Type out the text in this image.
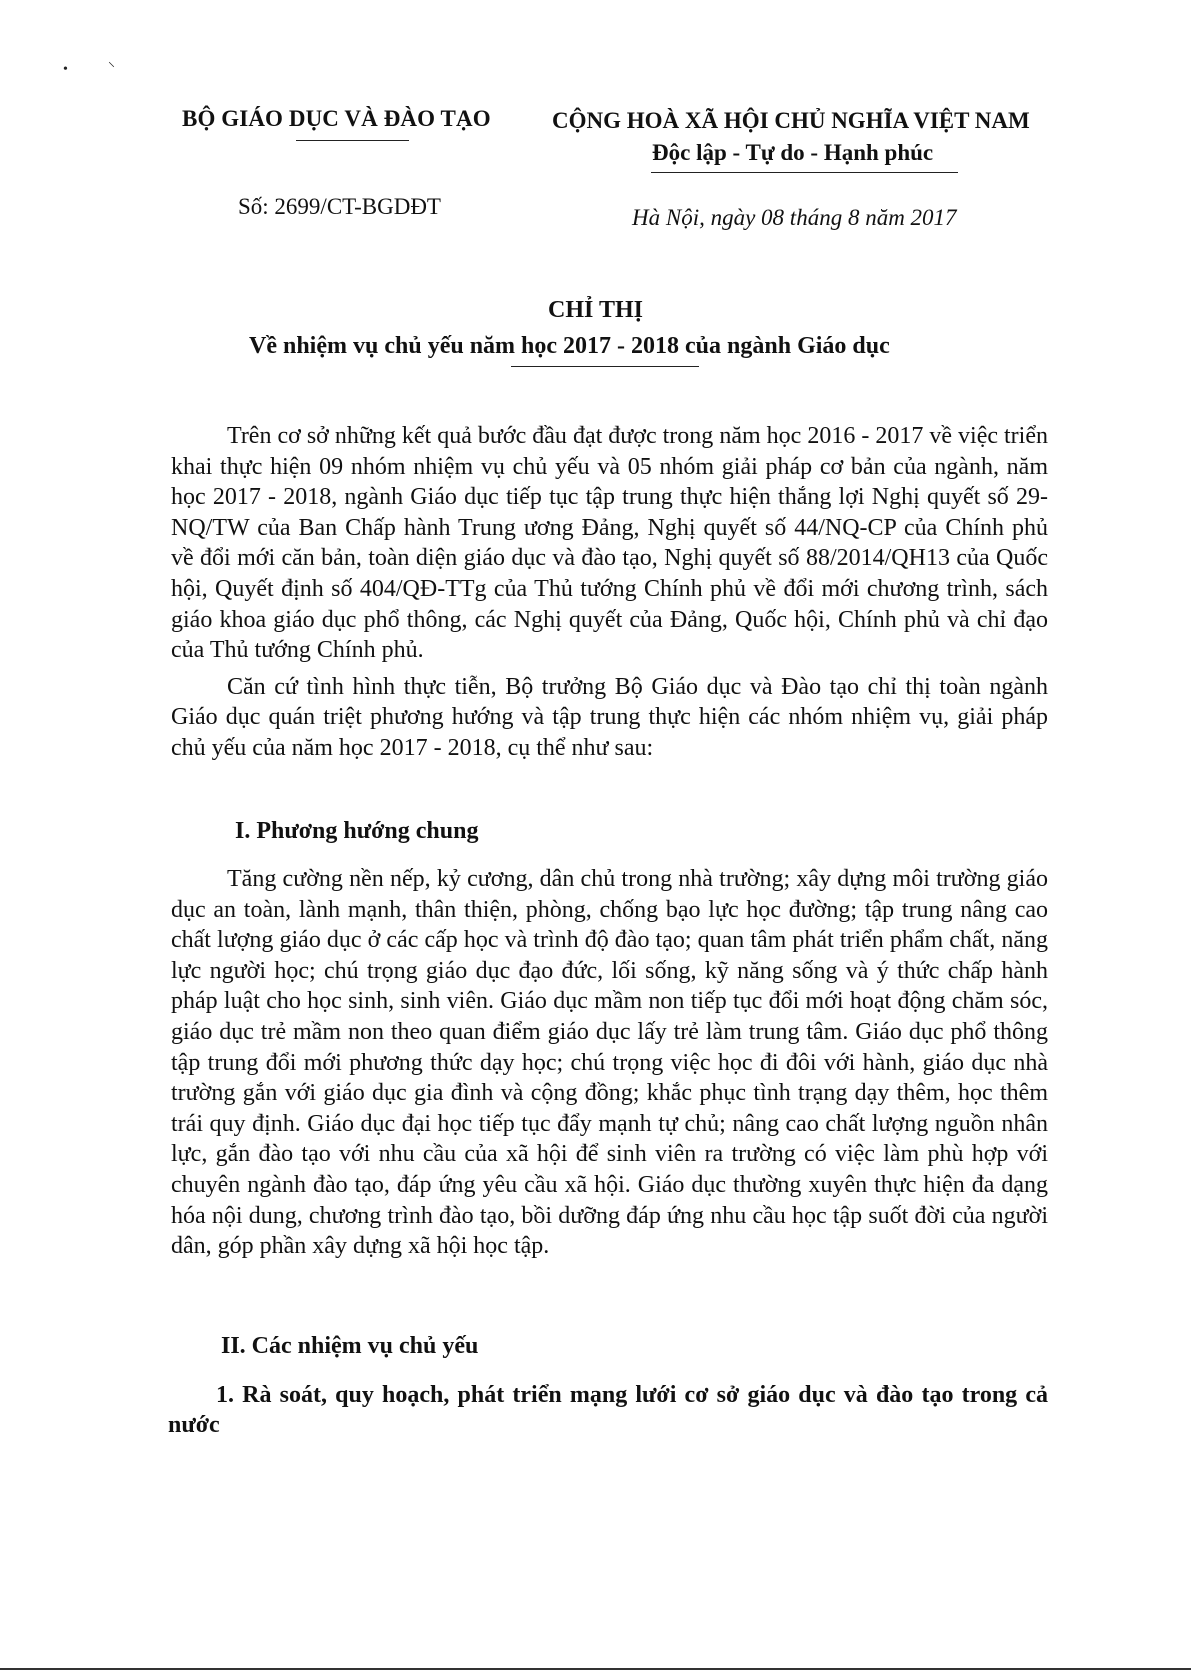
•	⸜
BỘ GIÁO DỤC VÀ ĐÀO TẠO	CỘNG HOÀ XÃ HỘI CHỦ NGHĨA VIỆT NAM
Độc lập - Tự do - Hạnh phúc
Số: 2699/CT-BGDĐT	Hà Nội, ngày 08 tháng 8 năm 2017
CHỈ THỊ
Về nhiệm vụ chủ yếu năm học 2017 - 2018 của ngành Giáo dục

Trên cơ sở những kết quả bước đầu đạt được trong năm học 2016 - 2017 về việc triển khai thực hiện 09 nhóm nhiệm vụ chủ yếu và 05 nhóm giải pháp cơ bản của ngành, năm học 2017 - 2018, ngành Giáo dục tiếp tục tập trung thực hiện thắng lợi Nghị quyết số 29-NQ/TW của Ban Chấp hành Trung ương Đảng, Nghị quyết số 44/NQ-CP của Chính phủ về đổi mới căn bản, toàn diện giáo dục và đào tạo, Nghị quyết số 88/2014/QH13 của Quốc hội, Quyết định số 404/QĐ-TTg của Thủ tướng Chính phủ về đổi mới chương trình, sách giáo khoa giáo dục phổ thông, các Nghị quyết của Đảng, Quốc hội, Chính phủ và chỉ đạo của Thủ tướng Chính phủ.

Căn cứ tình hình thực tiễn, Bộ trưởng Bộ Giáo dục và Đào tạo chỉ thị toàn ngành Giáo dục quán triệt phương hướng và tập trung thực hiện các nhóm nhiệm vụ, giải pháp chủ yếu của năm học 2017 - 2018, cụ thể như sau:

I. Phương hướng chung

Tăng cường nền nếp, kỷ cương, dân chủ trong nhà trường; xây dựng môi trường giáo dục an toàn, lành mạnh, thân thiện, phòng, chống bạo lực học đường; tập trung nâng cao chất lượng giáo dục ở các cấp học và trình độ đào tạo; quan tâm phát triển phẩm chất, năng lực người học; chú trọng giáo dục đạo đức, lối sống, kỹ năng sống và ý thức chấp hành pháp luật cho học sinh, sinh viên. Giáo dục mầm non tiếp tục đổi mới hoạt động chăm sóc, giáo dục trẻ mầm non theo quan điểm giáo dục lấy trẻ làm trung tâm. Giáo dục phổ thông tập trung đổi mới phương thức dạy học; chú trọng việc học đi đôi với hành, giáo dục nhà trường gắn với giáo dục gia đình và cộng đồng; khắc phục tình trạng dạy thêm, học thêm trái quy định. Giáo dục đại học tiếp tục đẩy mạnh tự chủ; nâng cao chất lượng nguồn nhân lực, gắn đào tạo với nhu cầu của xã hội để sinh viên ra trường có việc làm phù hợp với chuyên ngành đào tạo, đáp ứng yêu cầu xã hội. Giáo dục thường xuyên thực hiện đa dạng hóa nội dung, chương trình đào tạo, bồi dưỡng đáp ứng nhu cầu học tập suốt đời của người dân, góp phần xây dựng xã hội học tập.

II. Các nhiệm vụ chủ yếu
1. Rà soát, quy hoạch, phát triển mạng lưới cơ sở giáo dục và đào tạo trong cả nước
